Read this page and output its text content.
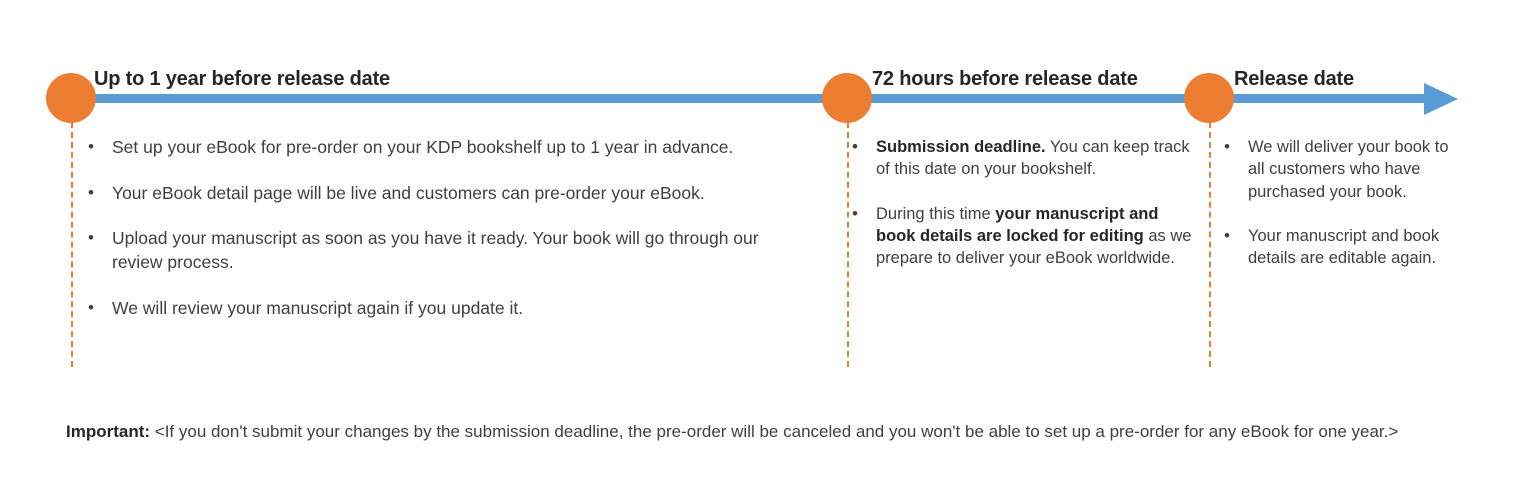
Up to 1 year before release date	72 hours before release date	Release date
•	Set up your eBook for pre-order on your KDP bookshelf up to 1 year in advance.
•	Your eBook detail page will be live and customers can pre-order your eBook.
•	Upload your manuscript as soon as you have it ready. Your book will go through our review process.
•	We will review your manuscript again if you update it.
•	Submission deadline. You can keep track of this date on your bookshelf.
•	During this time your manuscript and book details are locked for editing as we prepare to deliver your eBook worldwide.
•	We will deliver your book to all customers who have purchased your book.
•	Your manuscript and book details are editable again.
Important: <If you don't submit your changes by the submission deadline, the pre-order will be canceled and you won't be able to set up a pre-order for any eBook for one year.>
